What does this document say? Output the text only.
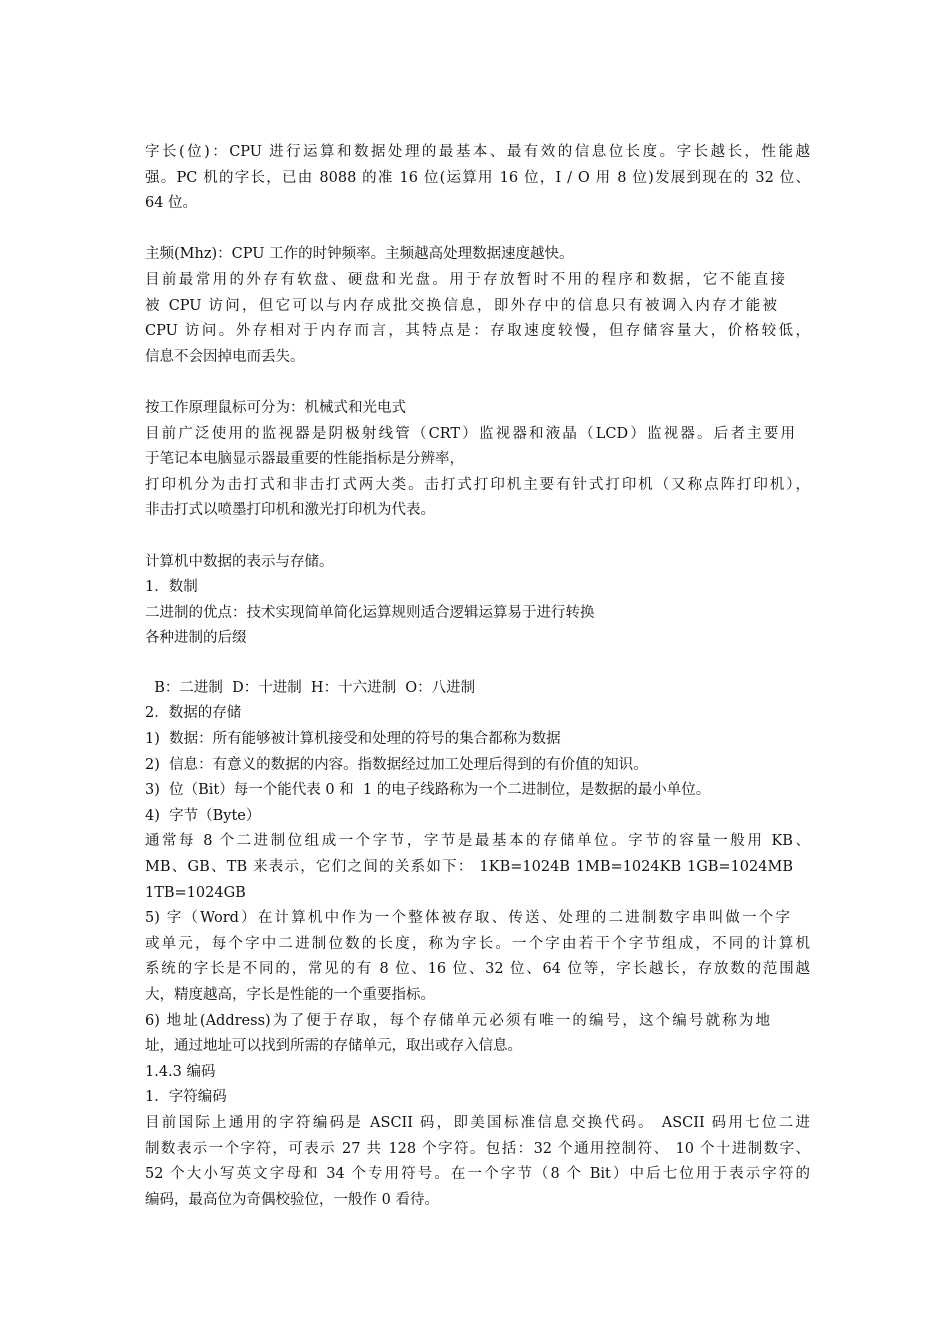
字长(位)：CPU 进行运算和数据处理的最基本、最有效的信息位长度。字长越长，性能越
强。PC 机的字长，已由 8088 的准 16 位(运算用 16 位，I / O 用 8 位)发展到现在的 32 位、
64 位。
主频(Mhz)：CPU 工作的时钟频率。主频越高处理数据速度越快。
目前最常用的外存有软盘、硬盘和光盘。用于存放暂时不用的程序和数据，它不能直接
被 CPU 访问，但它可以与内存成批交换信息，即外存中的信息只有被调入内存才能被
CPU 访问。外存相对于内存而言，其特点是：存取速度较慢，但存储容量大，价格较低，
信息不会因掉电而丢失。
按工作原理鼠标可分为：机械式和光电式
目前广泛使用的监视器是阴极射线管（CRT）监视器和液晶（LCD）监视器。后者主要用
于笔记本电脑显示器最重要的性能指标是分辨率，
打印机分为击打式和非击打式两大类。击打式打印机主要有针式打印机（又称点阵打印机），
非击打式以喷墨打印机和激光打印机为代表。
计算机中数据的表示与存储。
1．数制
二进制的优点：技术实现简单简化运算规则适合逻辑运算易于进行转换
各种进制的后缀
B：二进制  D：十进制  H：十六进制  O：八进制
2．数据的存储
1)  数据：所有能够被计算机接受和处理的符号的集合都称为数据
2)  信息：有意义的数据的内容。指数据经过加工处理后得到的有价值的知识。
3)  位（Bit）每一个能代表 0 和  1 的电子线路称为一个二进制位，是数据的最小单位。
4)  字节（Byte）
通常每 8 个二进制位组成一个字节，字节是最基本的存储单位。字节的容量一般用 KB、
MB、GB、TB 来表示，它们之间的关系如下： 1KB=1024B 1MB=1024KB 1GB=1024MB
1TB=1024GB
5) 字（Word）在计算机中作为一个整体被存取、传送、处理的二进制数字串叫做一个字
或单元，每个字中二进制位数的长度，称为字长。一个字由若干个字节组成，不同的计算机
系统的字长是不同的，常见的有 8 位、16 位、32 位、64 位等，字长越长，存放数的范围越
大，精度越高，字长是性能的一个重要指标。
6) 地址(Address)为了便于存取，每个存储单元必须有唯一的编号，这个编号就称为地
址，通过地址可以找到所需的存储单元，取出或存入信息。
1.4.3 编码
1．字符编码
目前国际上通用的字符编码是 ASCII 码，即美国标准信息交换代码。 ASCII 码用七位二进
制数表示一个字符，可表示 27 共 128 个字符。包括：32 个通用控制符、 10 个十进制数字、
52 个大小写英文字母和 34 个专用符号。在一个字节（8 个 Bit）中后七位用于表示字符的
编码，最高位为奇偶校验位，一般作 0 看待。
